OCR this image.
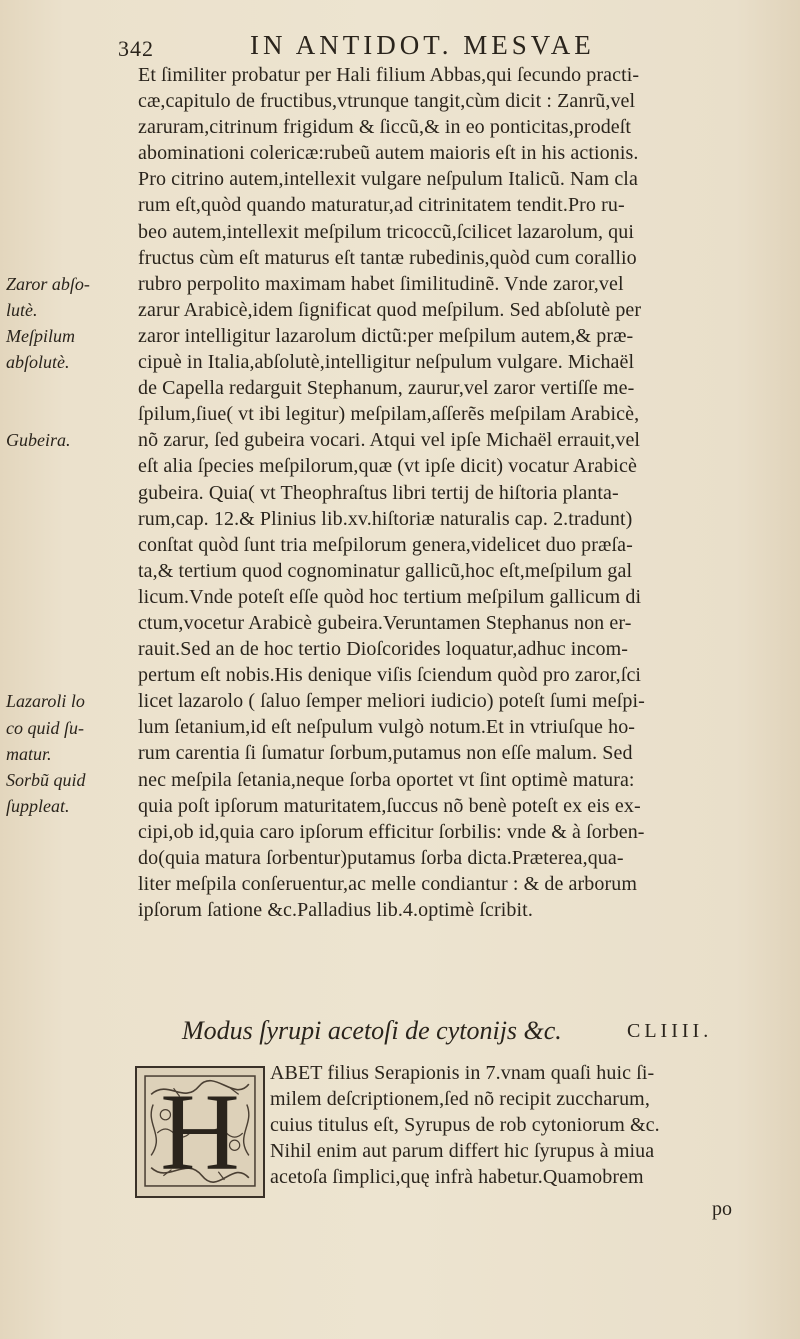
342	IN ANTIDOT. MESVAE
Et ſimiliter probatur per Hali filium Abbas,qui ſecundo practi-
cæ,capitulo de fructibus,vtrunque tangit,cùm dicit : Zanrũ,vel
zaruram,citrinum frigidum & ſiccũ,& in eo ponticitas,prodeſt
abominationi colericæ:rubeũ autem maioris eſt in his actionis.
Pro citrino autem,intellexit vulgare neſpulum Italicũ. Nam cla
rum eſt,quòd quando maturatur,ad citrinitatem tendit.Pro ru-
beo autem,intellexit meſpilum tricoccũ,ſcilicet lazarolum, qui
fructus cùm eſt maturus eſt tantæ rubedinis,quòd cum corallio
rubro perpolito maximam habet ſimilitudinẽ. Vnde zaror,vel
zarur Arabicè,idem ſignificat quod meſpilum. Sed abſolutè per
zaror intelligitur lazarolum dictũ:per meſpilum autem,& præ-
cipuè in Italia,abſolutè,intelligitur neſpulum vulgare. Michaël
de Capella redarguit Stephanum, zaurur,vel zaror vertiſſe me-
ſpilum,ſiue( vt ibi legitur) meſpilam,aſſerẽs meſpilam Arabicè,
nõ zarur, ſed gubeira vocari. Atqui vel ipſe Michaël errauit,vel
eſt alia ſpecies meſpilorum,quæ (vt ipſe dicit) vocatur Arabicè
gubeira. Quia( vt Theophraſtus libri tertij de hiſtoria planta-
rum,cap. 12.& Plinius lib.xv.hiſtoriæ naturalis cap. 2.tradunt)
conſtat quòd ſunt tria meſpilorum genera,videlicet duo præſa-
ta,& tertium quod cognominatur gallicũ,hoc eſt,meſpilum gal
licum.Vnde poteſt eſſe quòd hoc tertium meſpilum gallicum di
ctum,vocetur Arabicè gubeira.Veruntamen Stephanus non er-
rauit.Sed an de hoc tertio Dioſcorides loquatur,adhuc incom-
pertum eſt nobis.His denique viſis ſciendum quòd pro zaror,ſci
licet lazarolo ( ſaluo ſemper meliori iudicio) poteſt ſumi meſpi-
lum ſetanium,id eſt neſpulum vulgò notum.Et in vtriuſque ho-
rum carentia ſi ſumatur ſorbum,putamus non eſſe malum. Sed
nec meſpila ſetania,neque ſorba oportet vt ſint optimè matura:
quia poſt ipſorum maturitatem,ſuccus nõ benè poteſt ex eis ex-
cipi,ob id,quia caro ipſorum efficitur ſorbilis: vnde & à ſorben-
do(quia matura ſorbentur)putamus ſorba dicta.Præterea,qua-
liter meſpila conſeruentur,ac melle condiantur : & de arborum
ipſorum ſatione &c.Palladius lib.4.optimè ſcribit.
Zaror abſo-
lutè.
Meſpilum
abſolutè.
Gubeira.
Lazaroli lo
co quid ſu-
matur.
Sorbũ quid
ſuppleat.
Modus ſyrupi acetoſi de cytonijs &c.	CLIIII.
H ABET filius Serapionis in 7.vnam quaſi huic ſi-
milem deſcriptionem,ſed nõ recipit zuccharum,
cuius titulus eſt, Syrupus de rob cytoniorum &c.
Nihil enim aut parum differt hic ſyrupus à miua
acetoſa ſimplici,quę infrà habetur.Quamobrem
po
